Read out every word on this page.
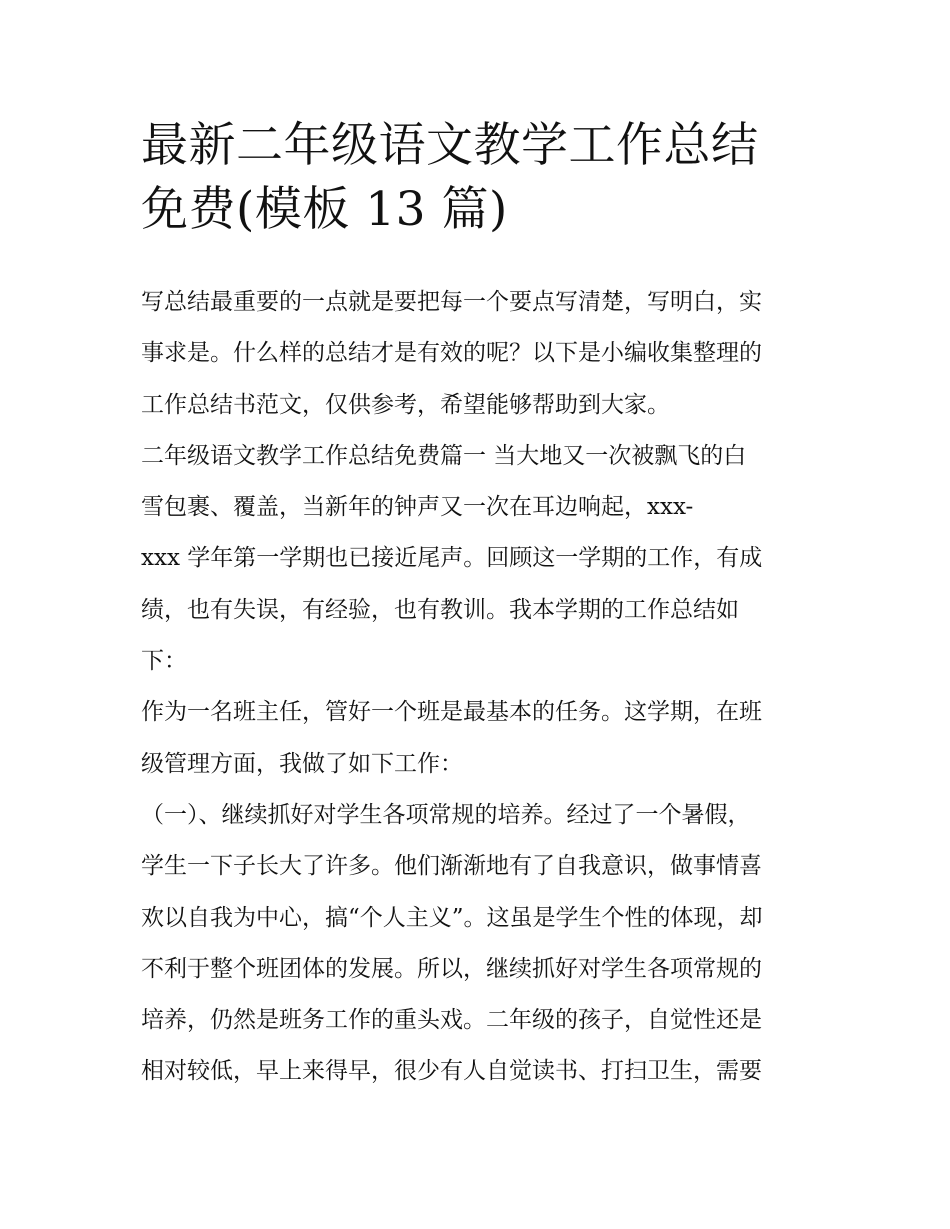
最新二年级语文教学工作总结
免费(模板 13 篇)
写总结最重要的一点就是要把每一个要点写清楚，写明白，实
事求是。什么样的总结才是有效的呢？以下是小编收集整理的
工作总结书范文，仅供参考，希望能够帮助到大家。
二年级语文教学工作总结免费篇一 当大地又一次被飘飞的白
雪包裹、覆盖，当新年的钟声又一次在耳边响起，xxx-
xxx 学年第一学期也已接近尾声。回顾这一学期的工作，有成
绩，也有失误，有经验，也有教训。我本学期的工作总结如
下：
作为一名班主任，管好一个班是最基本的任务。这学期，在班
级管理方面，我做了如下工作：
（一）、继续抓好对学生各项常规的培养。经过了一个暑假，
学生一下子长大了许多。他们渐渐地有了自我意识，做事情喜
欢以自我为中心，搞“个人主义”。这虽是学生个性的体现，却
不利于整个班团体的发展。所以，继续抓好对学生各项常规的
培养，仍然是班务工作的重头戏。二年级的孩子，自觉性还是
相对较低，早上来得早，很少有人自觉读书、打扫卫生，需要
